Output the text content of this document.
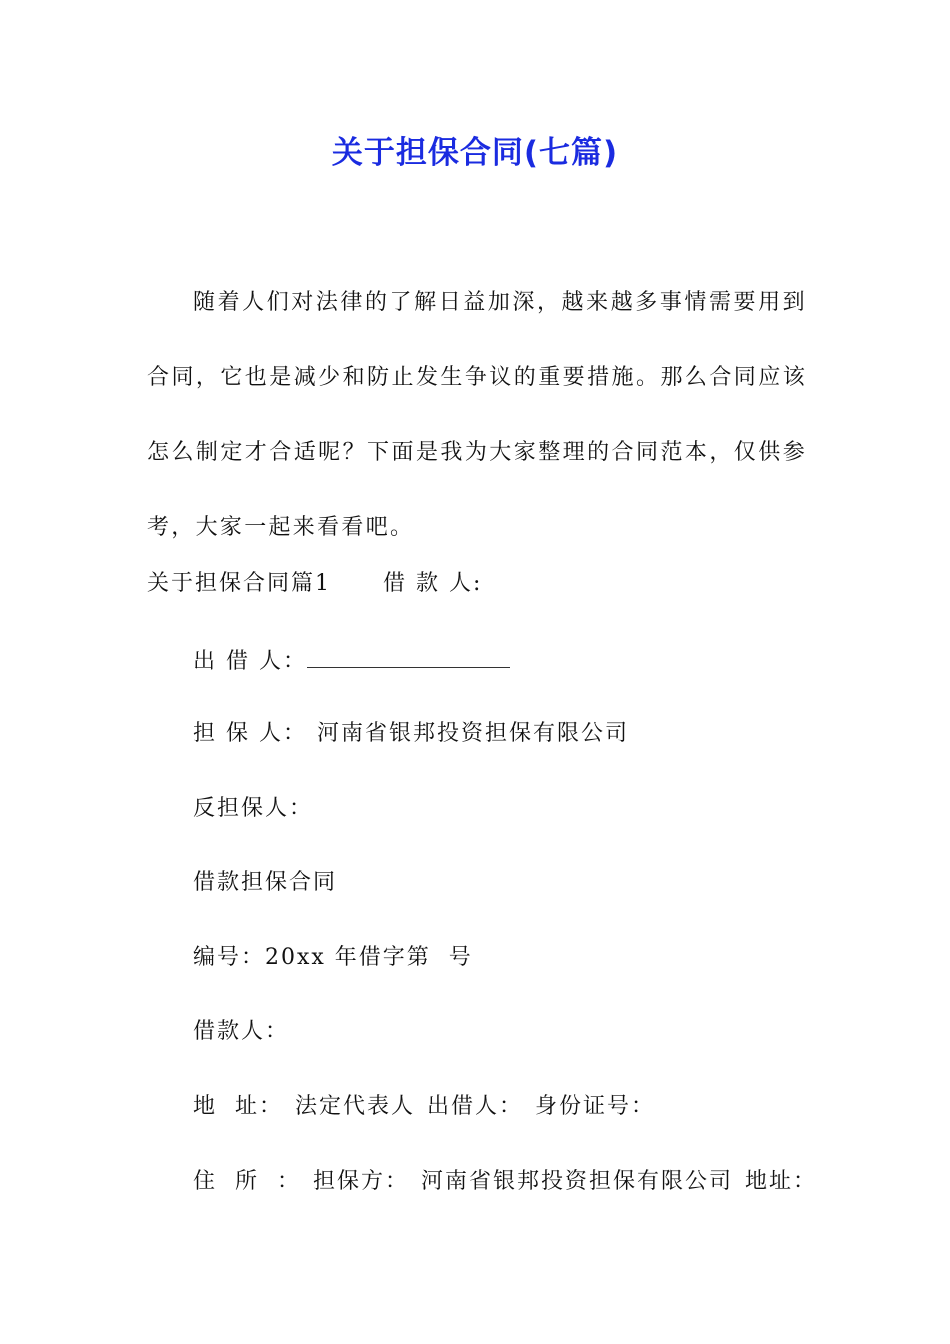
关于担保合同(七篇)

随着人们对法律的了解日益加深，越来越多事情需要用到合同，它也是减少和防止发生争议的重要措施。那么合同应该怎么制定才合适呢？下面是我为大家整理的合同范本，仅供参考，大家一起来看看吧。

关于担保合同篇1 借 款 人:
出 借 人：
担 保 人： 河南省银邦投资担保有限公司
反担保人：
借款担保合同
编号：20xx 年借字第  号
借款人：
地  址： 法定代表人 出借人： 身份证号：
住  所  ： 担保方： 河南省银邦投资担保有限公司 地址：
